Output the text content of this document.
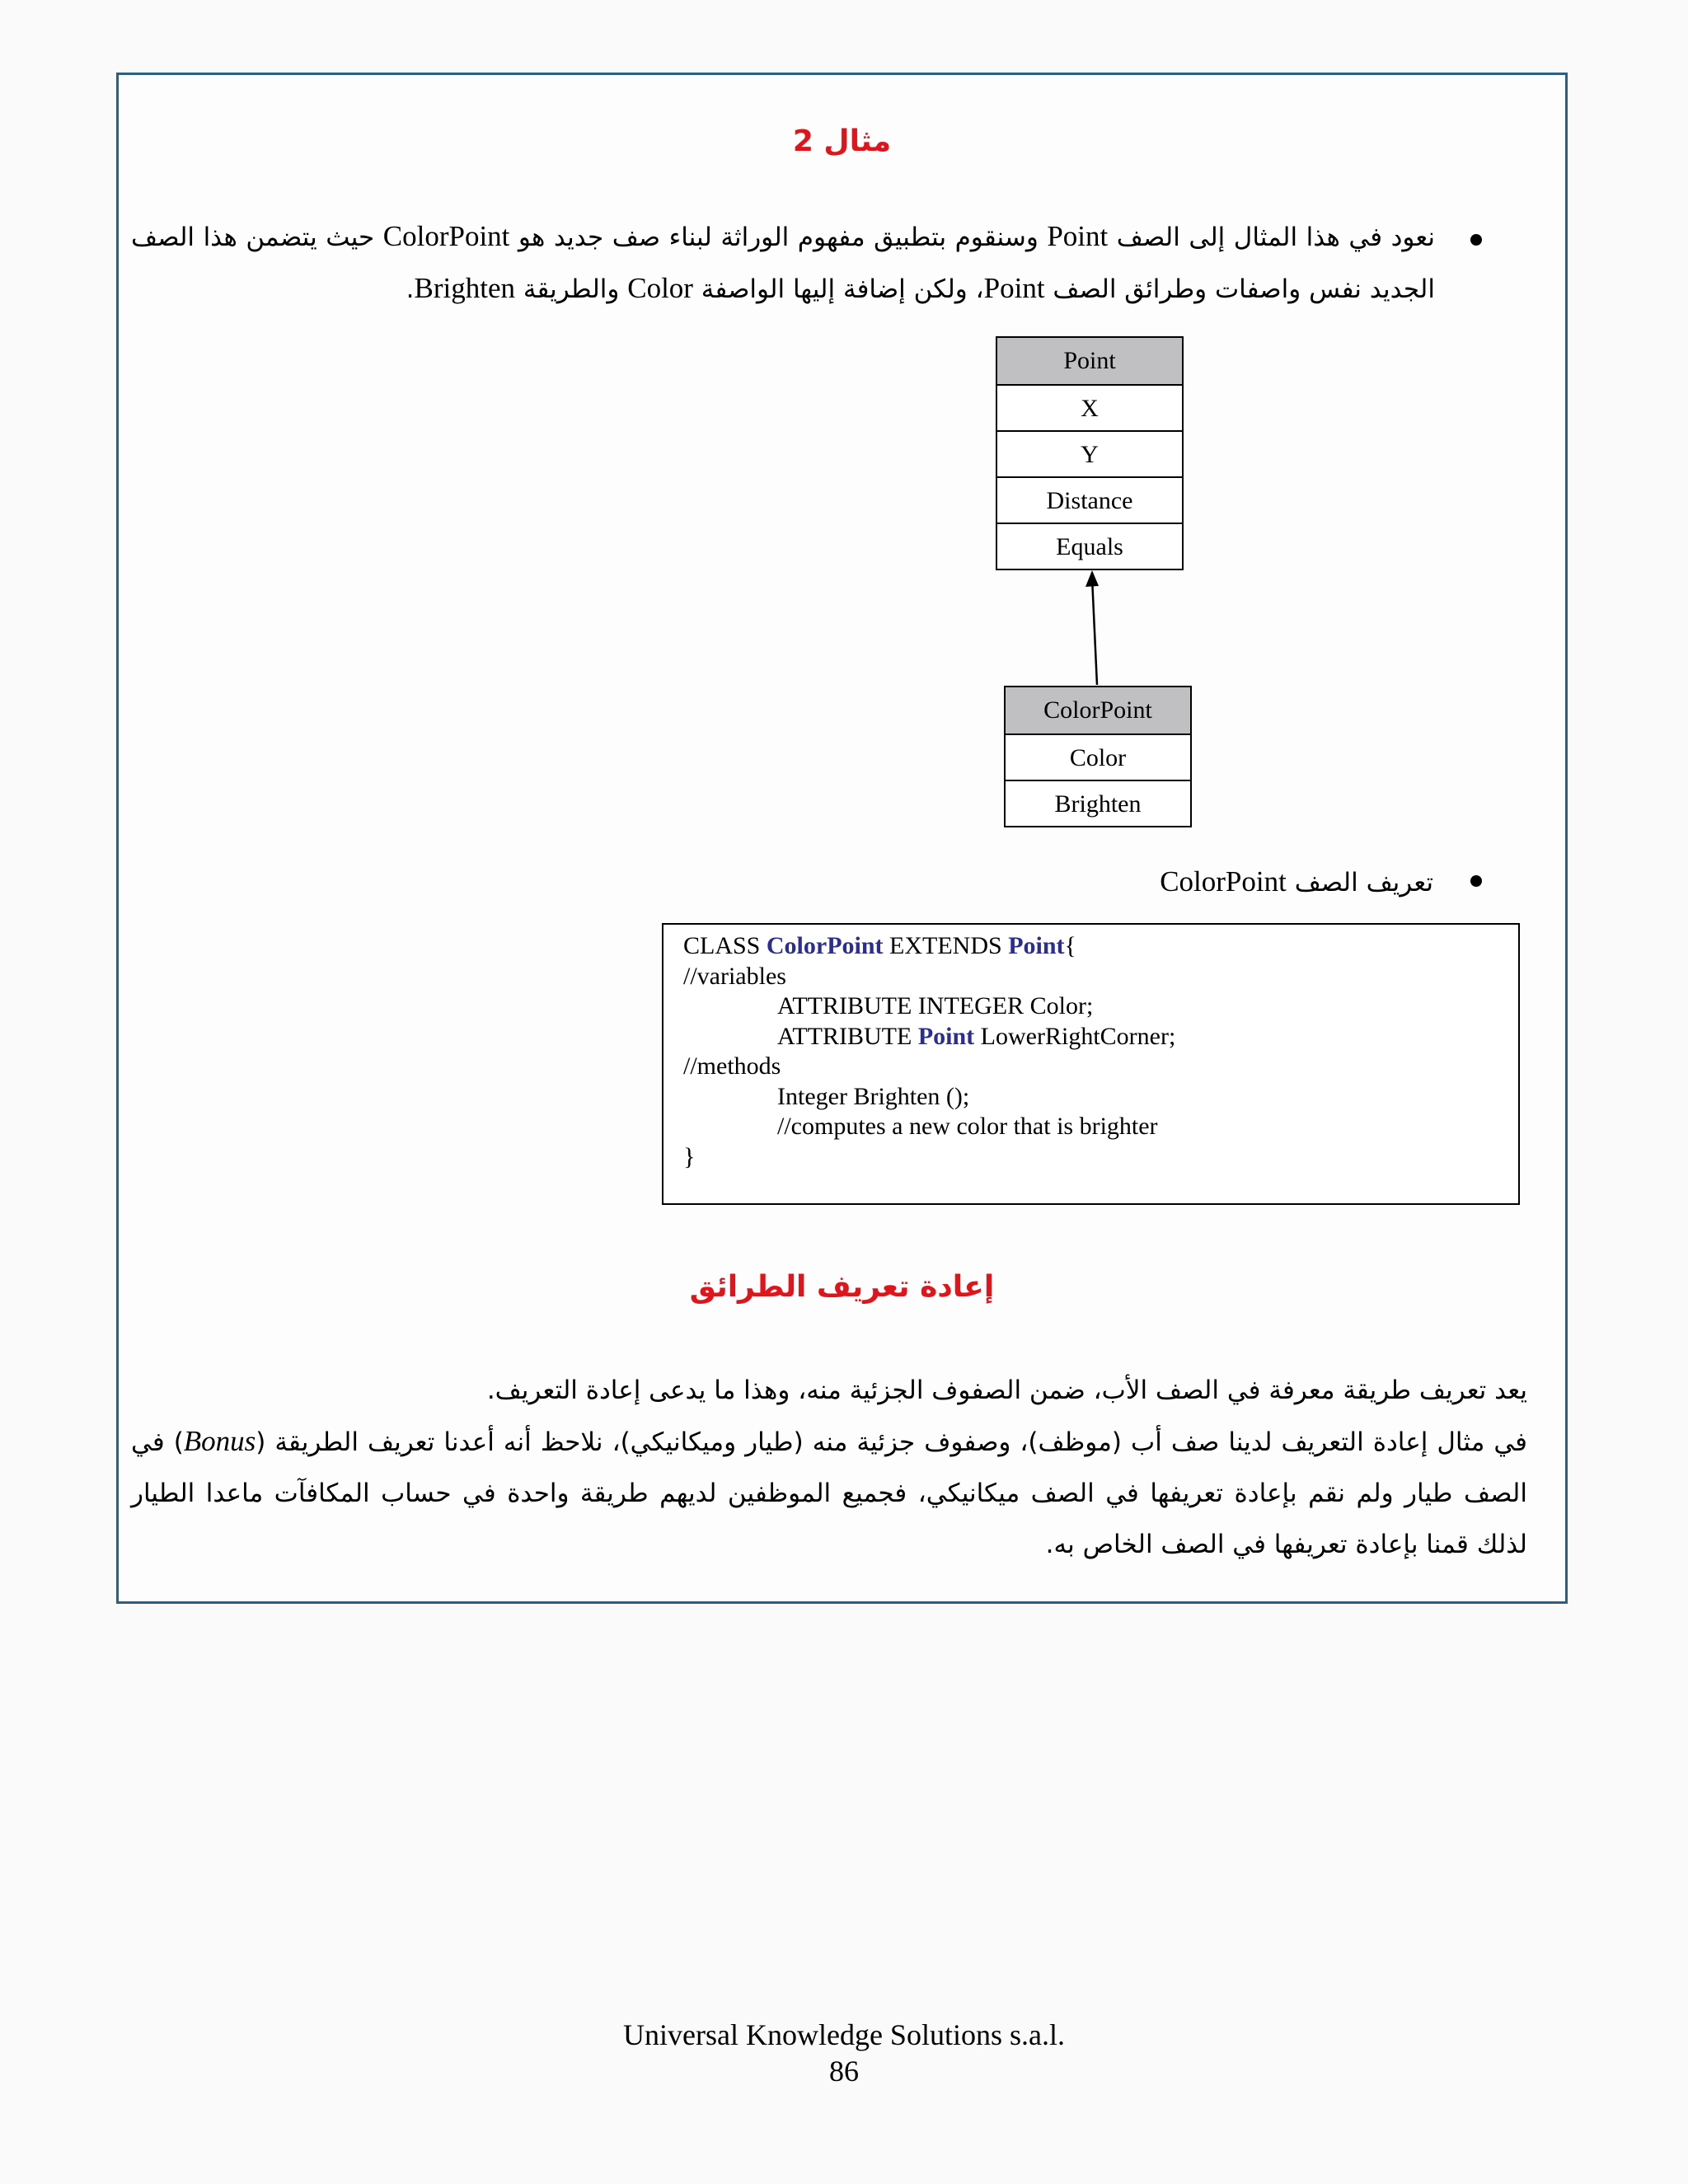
مثال 2
نعود في هذا المثال إلى الصف Point وسنقوم بتطبيق مفهوم الوراثة لبناء صف جديد هو ColorPoint حيث يتضمن هذا الصف الجديد نفس واصفات وطرائق الصف Point، ولكن إضافة إليها الواصفة Color والطريقة Brighten.
Point
X
Y
Distance
Equals
ColorPoint
Color
Brighten
تعريف الصف ColorPoint
CLASS ColorPoint EXTENDS Point{
//variables
ATTRIBUTE INTEGER Color;
ATTRIBUTE Point LowerRightCorner;
//methods
Integer Brighten ();
//computes a new color that is brighter
}
إعادة تعريف الطرائق
يعد تعريف طريقة معرفة في الصف الأب، ضمن الصفوف الجزئية منه، وهذا ما يدعى إعادة التعريف.
في مثال إعادة التعريف لدينا صف أب (موظف)، وصفوف جزئية منه (طيار وميكانيكي)، نلاحظ أنه أعدنا تعريف الطريقة (Bonus) في الصف طيار ولم نقم بإعادة تعريفها في الصف ميكانيكي، فجميع الموظفين لديهم طريقة واحدة في حساب المكافآت ماعدا الطيار لذلك قمنا بإعادة تعريفها في الصف الخاص به.
Universal Knowledge Solutions s.a.l.
86
